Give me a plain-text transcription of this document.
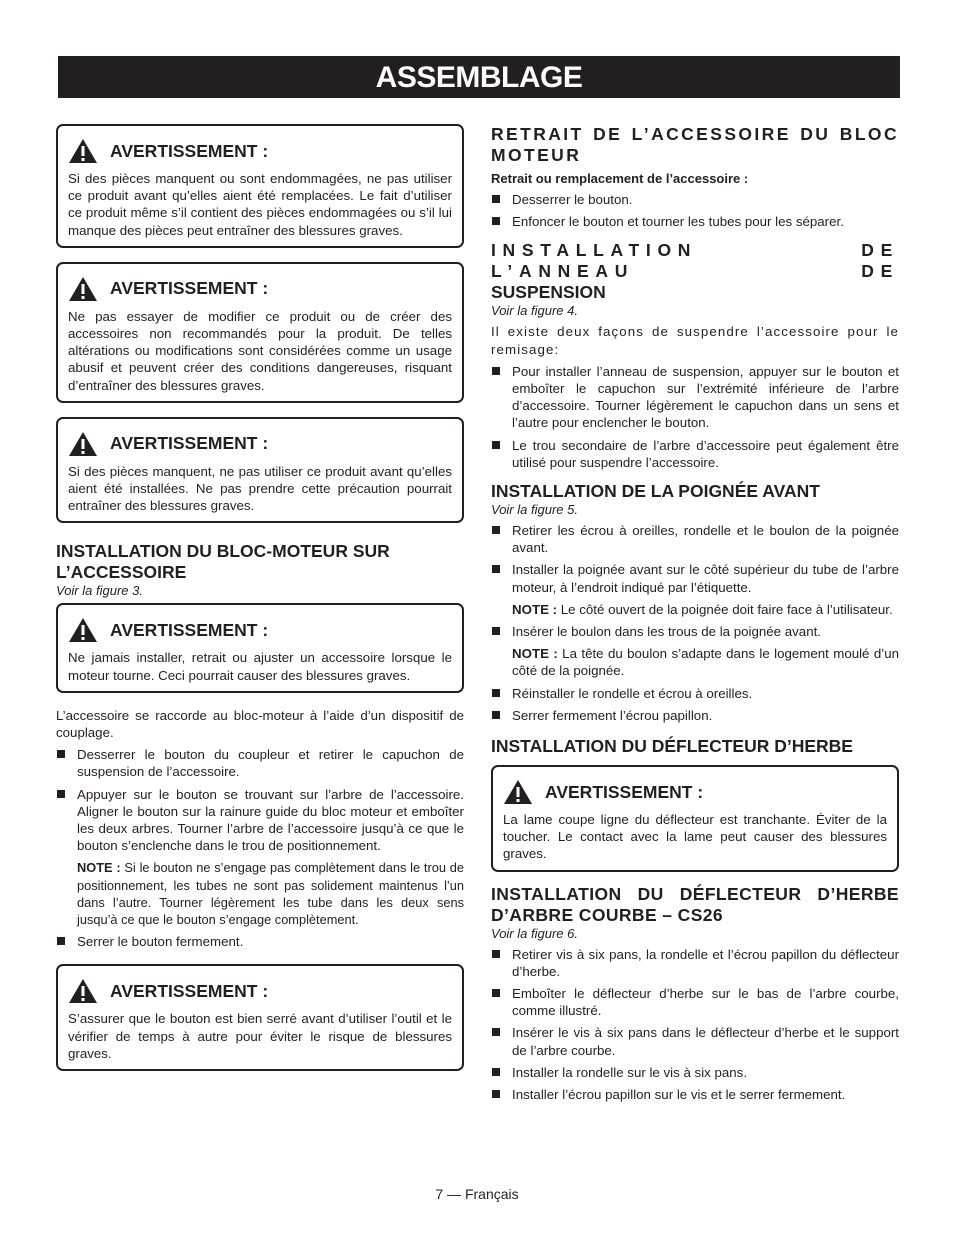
ASSEMBLAGE
AVERTISSEMENT :
Si des pièces manquent ou sont endommagées, ne pas utiliser ce produit avant qu’elles aient été remplacées. Le fait d’utiliser ce produit même s’il contient des pièces endommagées ou s’il lui manque des pièces peut entraîner des blessures graves.
AVERTISSEMENT :
Ne pas essayer de modifier ce produit ou de créer des accessoires non recommandés pour la produit. De telles altérations ou modifications sont considérées comme un usage abusif et peuvent créer des conditions dangereuses, risquant d’entraîner des blessures graves.
AVERTISSEMENT :
Si des pièces manquent, ne pas utiliser ce produit avant qu’elles aient été installées. Ne pas prendre cette précaution pourrait entraîner des blessures graves.
INSTALLATION DU BLOC-MOTEUR SUR L’ACCESSOIRE
Voir la figure 3.
AVERTISSEMENT :
Ne jamais installer, retrait ou ajuster un accessoire lorsque le moteur tourne. Ceci pourrait causer des blessures graves.

L’accessoire se raccorde au bloc-moteur à l’aide d’un dispositif de couplage.

Desserrer le bouton du coupleur et retirer le capuchon de suspension de l’accessoire.
Appuyer sur le bouton se trouvant sur l’arbre de l’accessoire. Aligner le bouton sur la rainure guide du bloc moteur et emboîter les deux arbres. Tourner l’arbre de l’accessoire jusqu’à ce que le bouton s’enclenche dans le trou de positionnement.
NOTE : Si le bouton ne s’engage pas complètement dans le trou de positionnement, les tubes ne sont pas solidement maintenus l’un dans l’autre. Tourner légèrement les tube dans les deux sens jusqu’à ce que le bouton s’engage complètement.
Serrer le bouton fermement.
AVERTISSEMENT :
S’assurer que le bouton est bien serré avant d’utiliser l’outil et le vérifier de temps à autre pour éviter le risque de blessures graves.
RETRAIT DE L’ACCESSOIRE DU BLOC MOTEUR
Retrait ou remplacement de l’accessoire :
Desserrer le bouton.
Enfoncer le bouton et tourner les tubes pour les séparer.
INSTALLATION DE L’ANNEAU DE
SUSPENSION
Voir la figure 4.

Il existe deux façons de suspendre l’accessoire pour le remisage:

Pour installer l’anneau de suspension, appuyer sur le bouton et emboîter le capuchon sur l’extrémité inférieure de l’arbre d’accessoire. Tourner légèrement le capuchon dans un sens et l’autre pour enclencher le bouton.
Le trou secondaire de l’arbre d’accessoire peut également être utilisé pour suspendre l’accessoire.
INSTALLATION DE LA POIGNÉE AVANT
Voir la figure 5.
Retirer les écrou à oreilles, rondelle et le boulon de la poignée avant.
Installer la poignée avant sur le côté supérieur du tube de l’arbre moteur, à l’endroit indiqué par l’étiquette.
NOTE : Le côté ouvert de la poignée doit faire face à l’utilisateur.
Insérer le boulon dans les trous de la poignée avant.
NOTE : La tête du boulon s’adapte dans le logement moulé d’un côté de la poignée.
Réinstaller le rondelle et écrou à oreilles.
Serrer fermement l’écrou papillon.
INSTALLATION DU DÉFLECTEUR D’HERBE
AVERTISSEMENT :
La lame coupe ligne du déflecteur est tranchante. Éviter de la toucher. Le contact avec la lame peut causer des blessures graves.
INSTALLATION DU DÉFLECTEUR D’HERBE D’ARBRE COURBE – CS26
Voir la figure 6.
Retirer vis à six pans, la rondelle et l’écrou papillon du déflecteur d’herbe.
Emboîter le déflecteur d’herbe sur le bas de l’arbre courbe, comme illustré.
Insérer le vis à six pans dans le déflecteur d’herbe et le support de l’arbre courbe.
Installer la rondelle sur le vis à six pans.
Installer l’écrou papillon sur le vis et le serrer fermement.
7 — Français
